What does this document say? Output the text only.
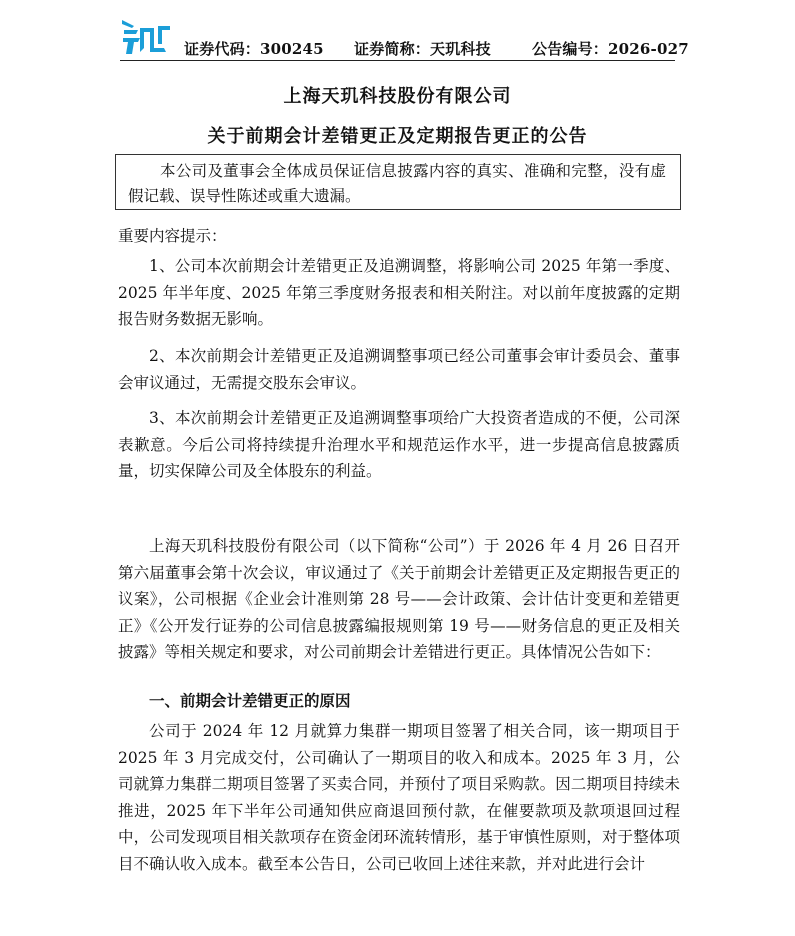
证券代码：300245 证券简称：天玑科技	公告编号：2026-027
上海天玑科技股份有限公司
关于前期会计差错更正及定期报告更正的公告
本公司及董事会全体成员保证信息披露内容的真实、准确和完整，没有虚假记载、误导性陈述或重大遗漏。

重要内容提示：

1、公司本次前期会计差错更正及追溯调整，将影响公司 2025 年第一季度、2025 年半年度、2025 年第三季度财务报表和相关附注。对以前年度披露的定期报告财务数据无影响。

2、本次前期会计差错更正及追溯调整事项已经公司董事会审计委员会、董事会审议通过，无需提交股东会审议。

3、本次前期会计差错更正及追溯调整事项给广大投资者造成的不便，公司深表歉意。今后公司将持续提升治理水平和规范运作水平，进一步提高信息披露质量，切实保障公司及全体股东的利益。

上海天玑科技股份有限公司（以下简称“公司”）于 2026 年 4 月 26 日召开第六届董事会第十次会议，审议通过了《关于前期会计差错更正及定期报告更正的议案》，公司根据《企业会计准则第 28 号——会计政策、会计估计变更和差错更正》《公开发行证券的公司信息披露编报规则第 19 号——财务信息的更正及相关披露》等相关规定和要求，对公司前期会计差错进行更正。具体情况公告如下：

一、前期会计差错更正的原因

公司于 2024 年 12 月就算力集群一期项目签署了相关合同，该一期项目于 2025 年 3 月完成交付，公司确认了一期项目的收入和成本。2025 年 3 月，公司就算力集群二期项目签署了买卖合同，并预付了项目采购款。因二期项目持续未推进，2025 年下半年公司通知供应商退回预付款，在催要款项及款项退回过程中，公司发现项目相关款项存在资金闭环流转情形，基于审慎性原则，对于整体项目不确认收入成本。截至本公告日，公司已收回上述往来款，并对此进行会计
